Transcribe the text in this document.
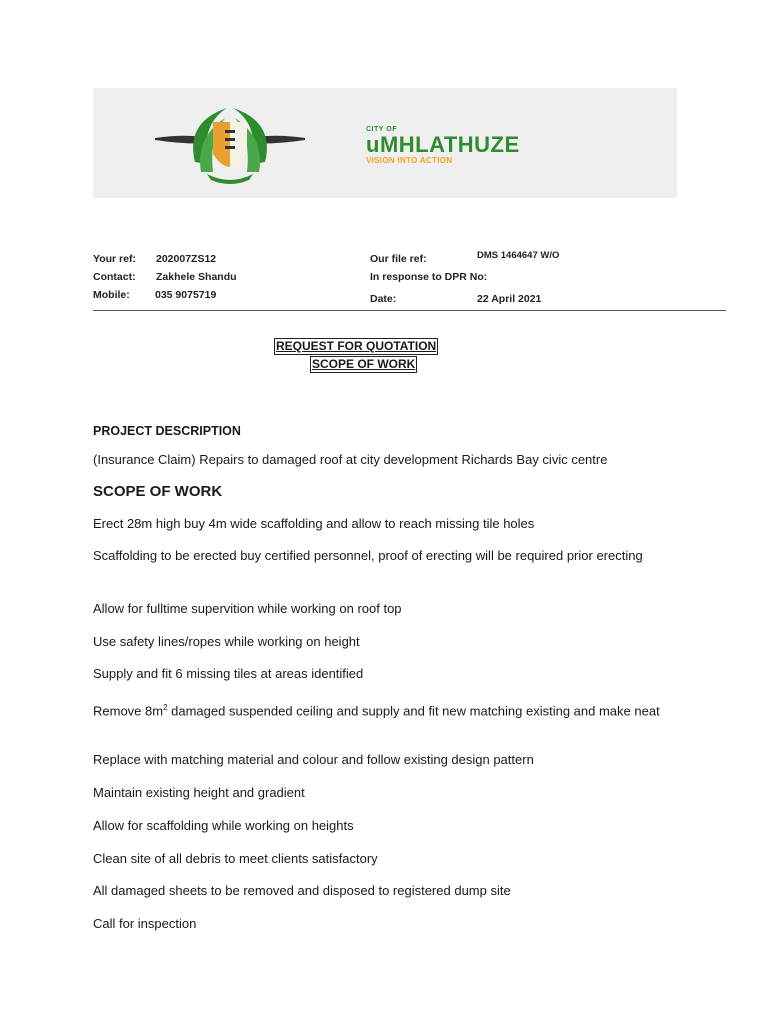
CITY OF
uMHLATHUZE
VISION INTO ACTION
Your ref: 202007ZS12
Contact: Zakhele Shandu
Mobile: 035 9075719
Our file ref:	DMS 1464647 W/O
In response to DPR No:
Date:	22 April 2021
REQUEST FOR QUOTATION
SCOPE OF WORK
PROJECT DESCRIPTION
(Insurance Claim) Repairs to damaged roof at city development Richards Bay civic centre
SCOPE OF WORK
Erect 28m high buy 4m wide scaffolding and allow to reach missing tile holes
Scaffolding to be erected buy certified personnel, proof of erecting will be required prior erecting
Allow for fulltime supervition while working on roof top
Use safety lines/ropes while working on height
Supply and fit 6 missing tiles at areas identified
Remove $8m^2$ damaged suspended ceiling and supply and fit new matching existing and make neat
Replace with matching material and colour and follow existing design pattern
Maintain existing height and gradient
Allow for scaffolding while working on heights
Clean site of all debris to meet clients satisfactory
All damaged sheets to be removed and disposed to registered dump site
Call for inspection
